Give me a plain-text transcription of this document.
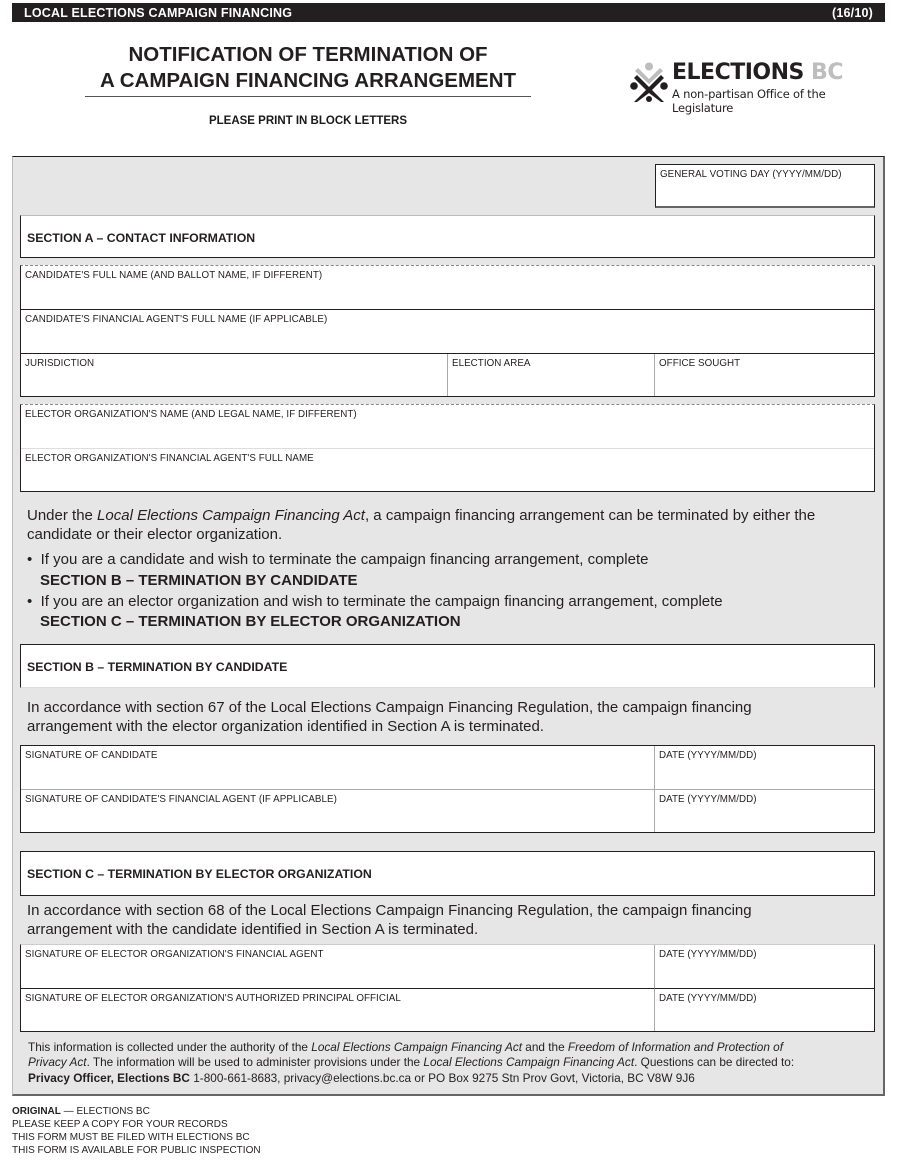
LOCAL ELECTIONS CAMPAIGN FINANCING	(16/10)
NOTIFICATION OF TERMINATION OF
A CAMPAIGN FINANCING ARRANGEMENT
PLEASE PRINT IN BLOCK LETTERS
ELECTIONS BC
A non-partisan Office of the Legislature
GENERAL VOTING DAY (YYYY/MM/DD)
SECTION A – CONTACT INFORMATION
CANDIDATE'S FULL NAME (AND BALLOT NAME, IF DIFFERENT)
CANDIDATE'S FINANCIAL AGENT'S FULL NAME (IF APPLICABLE)
JURISDICTION	ELECTION AREA	OFFICE SOUGHT
ELECTOR ORGANIZATION'S NAME (AND LEGAL NAME, IF DIFFERENT)
ELECTOR ORGANIZATION'S FINANCIAL AGENT'S FULL NAME
Under the Local Elections Campaign Financing Act, a campaign financing arrangement can be terminated by either the
candidate or their elector organization.
•  If you are a candidate and wish to terminate the campaign financing arrangement, complete
SECTION B – TERMINATION BY CANDIDATE
•  If you are an elector organization and wish to terminate the campaign financing arrangement, complete
SECTION C – TERMINATION BY ELECTOR ORGANIZATION
SECTION B – TERMINATION BY CANDIDATE
In accordance with section 67 of the Local Elections Campaign Financing Regulation, the campaign financing
arrangement with the elector organization identified in Section A is terminated.
SIGNATURE OF CANDIDATE	DATE (YYYY/MM/DD)
SIGNATURE OF CANDIDATE'S FINANCIAL AGENT (IF APPLICABLE)	DATE (YYYY/MM/DD)
SECTION C – TERMINATION BY ELECTOR ORGANIZATION
In accordance with section 68 of the Local Elections Campaign Financing Regulation, the campaign financing
arrangement with the candidate identified in Section A is terminated.
SIGNATURE OF ELECTOR ORGANIZATION'S FINANCIAL AGENT	DATE (YYYY/MM/DD)
SIGNATURE OF ELECTOR ORGANIZATION'S AUTHORIZED PRINCIPAL OFFICIAL	DATE (YYYY/MM/DD)
This information is collected under the authority of the Local Elections Campaign Financing Act and the Freedom of Information and Protection of
Privacy Act. The information will be used to administer provisions under the Local Elections Campaign Financing Act. Questions can be directed to:
Privacy Officer, Elections BC 1-800-661-8683, privacy@elections.bc.ca or PO Box 9275 Stn Prov Govt, Victoria, BC V8W 9J6
ORIGINAL — ELECTIONS BC
PLEASE KEEP A COPY FOR YOUR RECORDS
THIS FORM MUST BE FILED WITH ELECTIONS BC
THIS FORM IS AVAILABLE FOR PUBLIC INSPECTION
